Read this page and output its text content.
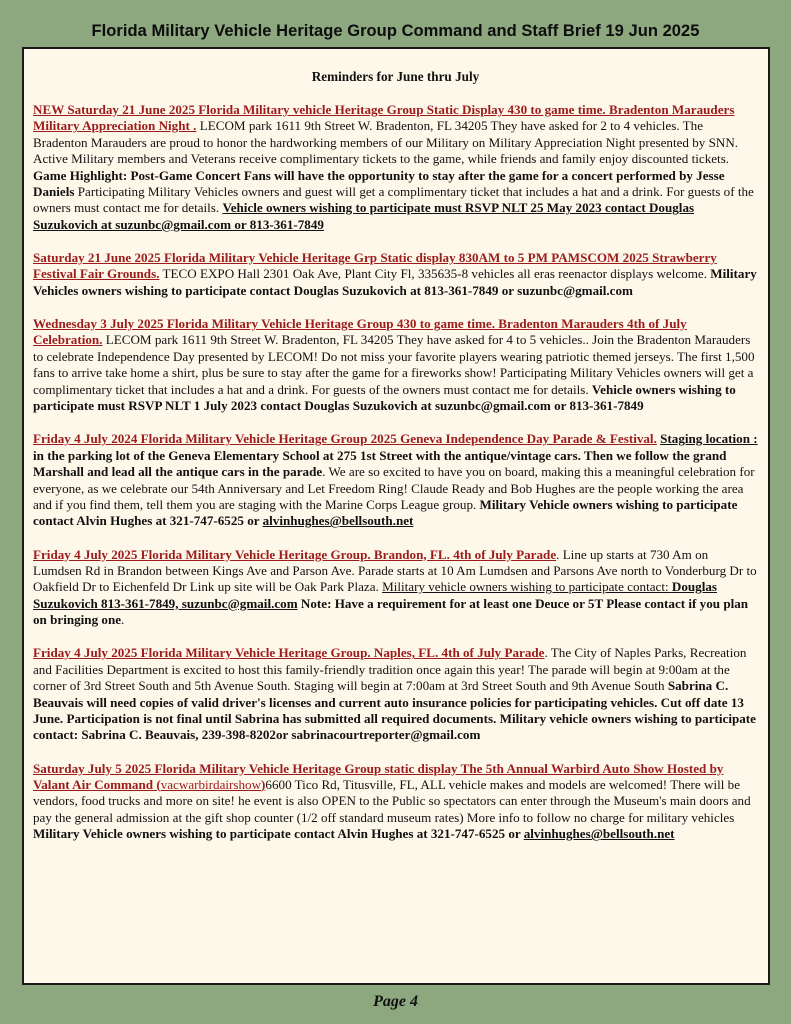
Florida Military Vehicle Heritage Group Command and Staff Brief 19 Jun 2025
Reminders for June thru July
NEW Saturday 21 June 2025 Florida Military vehicle Heritage Group Static Display 430 to game time. Bradenton Marauders Military Appreciation Night . LECOM park 1611 9th Street W. Bradenton, FL 34205 They have asked for 2 to 4 vehicles. The Bradenton Marauders are proud to honor the hardworking members of our Military on Military Appreciation Night presented by SNN. Active Military members and Veterans receive complimentary tickets to the game, while friends and family enjoy discounted tickets. Game Highlight: Post-Game Concert Fans will have the opportunity to stay after the game for a concert performed by Jesse Daniels Participating Military Vehicles owners and guest will get a complimentary ticket that includes a hat and a drink. For guests of the owners must contact me for details. Vehicle owners wishing to participate must RSVP NLT 25 May 2023 contact Douglas Suzukovich at suzunbc@gmail.com or 813-361-7849
Saturday 21 June 2025 Florida Military Vehicle Heritage Grp Static display 830AM to 5 PM PAMSCOM 2025 Strawberry Festival Fair Grounds. TECO EXPO Hall 2301 Oak Ave, Plant City Fl, 335635-8 vehicles all eras reenactor displays welcome. Military Vehicles owners wishing to participate contact Douglas Suzukovich at 813-361-7849 or suzunbc@gmail.com
Wednesday 3 July 2025 Florida Military Vehicle Heritage Group 430 to game time. Bradenton Marauders 4th of July Celebration. LECOM park 1611 9th Street W. Bradenton, FL 34205 They have asked for 4 to 5 vehicles.. Join the Bradenton Marauders to celebrate Independence Day presented by LECOM! Do not miss your favorite players wearing patriotic themed jerseys. The first 1,500 fans to arrive take home a shirt, plus be sure to stay after the game for a fireworks show! Participating Military Vehicles owners will get a complimentary ticket that includes a hat and a drink. For guests of the owners must contact me for details. Vehicle owners wishing to participate must RSVP NLT 1 July 2023 contact Douglas Suzukovich at suzunbc@gmail.com or 813-361-7849
Friday 4 July 2024 Florida Military Vehicle Heritage Group 2025 Geneva Independence Day Parade & Festival. Staging location : in the parking lot of the Geneva Elementary School at 275 1st Street with the antique/vintage cars. Then we follow the grand Marshall and lead all the antique cars in the parade. We are so excited to have you on board, making this a meaningful celebration for everyone, as we celebrate our 54th Anniversary and Let Freedom Ring! Claude Ready and Bob Hughes are the people working the area and if you find them, tell them you are staging with the Marine Corps League group. Military Vehicle owners wishing to participate contact Alvin Hughes at 321-747-6525 or alvinhughes@bellsouth.net
Friday 4 July 2025 Florida Military Vehicle Heritage Group. Brandon, FL. 4th of July Parade. Line up starts at 730 Am on Lumdsen Rd in Brandon between Kings Ave and Parson Ave. Parade starts at 10 Am Lumdsen and Parsons Ave north to Vonderburg Dr to Oakfield Dr to Eichenfeld Dr Link up site will be Oak Park Plaza. Military vehicle owners wishing to participate contact: Douglas Suzukovich 813-361-7849, suzunbc@gmail.com Note: Have a requirement for at least one Deuce or 5T Please contact if you plan on bringing one.
Friday 4 July 2025 Florida Military Vehicle Heritage Group. Naples, FL. 4th of July Parade. The City of Naples Parks, Recreation and Facilities Department is excited to host this family-friendly tradition once again this year! The parade will begin at 9:00am at the corner of 3rd Street South and 5th Avenue South. Staging will begin at 7:00am at 3rd Street South and 9th Avenue South Sabrina C. Beauvais will need copies of valid driver's licenses and current auto insurance policies for participating vehicles. Cut off date 13 June. Participation is not final until Sabrina has submitted all required documents. Military vehicle owners wishing to participate contact: Sabrina C. Beauvais, 239-398-8202or sabrinacourtreporter@gmail.com
Saturday July 5 2025 Florida Military Vehicle Heritage Group static display The 5th Annual Warbird Auto Show Hosted by Valant Air Command (vacwarbirdairshow)6600 Tico Rd, Titusville, FL, ALL vehicle makes and models are welcomed! There will be vendors, food trucks and more on site! he event is also OPEN to the Public so spectators can enter through the Museum's main doors and pay the general admission at the gift shop counter (1/2 off standard museum rates) More info to follow no charge for military vehicles Military Vehicle owners wishing to participate contact Alvin Hughes at 321-747-6525 or alvinhughes@bellsouth.net
Page 4
